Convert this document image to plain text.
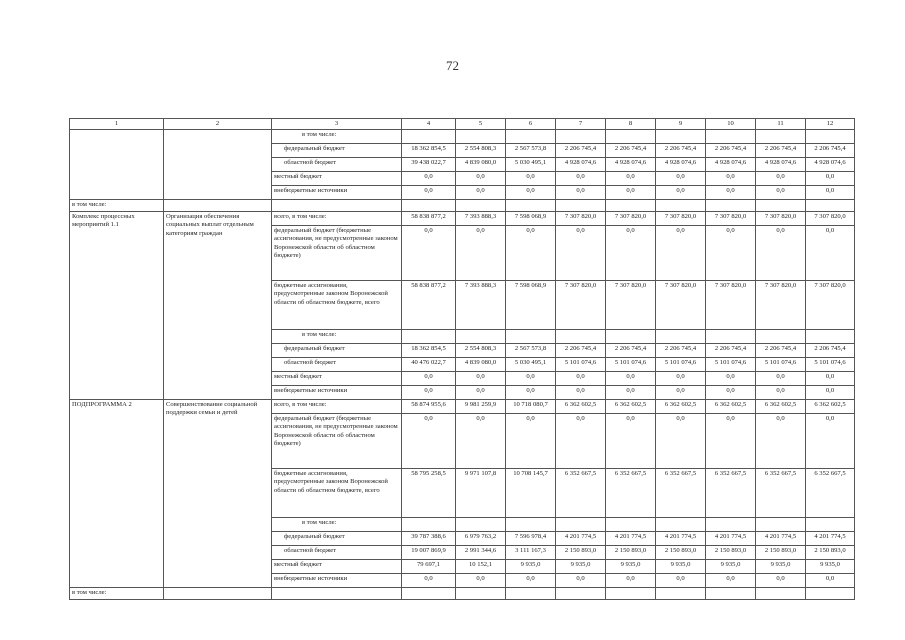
72
1	2	3	4	5	6	7	8	9	10	11	12
		в том числе:									
		федеральный бюджет	18 362 854,5	2 554 808,3	2 567 573,8	2 206 745,4	2 206 745,4	2 206 745,4	2 206 745,4	2 206 745,4	2 206 745,4
		областной бюджет	39 438 022,7	4 839 080,0	5 030 495,1	4 928 074,6	4 928 074,6	4 928 074,6	4 928 074,6	4 928 074,6	4 928 074,6
		местный бюджет	0,0	0,0	0,0	0,0	0,0	0,0	0,0	0,0	0,0
		внебюджетные источники	0,0	0,0	0,0	0,0	0,0	0,0	0,0	0,0	0,0
в том числе:											
Комплекс процессных мероприятий 1.1	Организация обеспечения социальных выплат отдельным категориям граждан	всего, в том числе:	58 838 877,2	7 393 888,3	7 598 068,9	7 307 820,0	7 307 820,0	7 307 820,0	7 307 820,0	7 307 820,0	7 307 820,0
		федеральный бюджет (бюджетные ассигнования, не предусмотренные законом Воронежской области об областном бюджете)	0,0	0,0	0,0	0,0	0,0	0,0	0,0	0,0	0,0
		бюджетные ассигнования, предусмотренные законом Воронежской области об областном бюджете, всего	58 838 877,2	7 393 888,3	7 598 068,9	7 307 820,0	7 307 820,0	7 307 820,0	7 307 820,0	7 307 820,0	7 307 820,0
		в том числе:									
		федеральный бюджет	18 362 854,5	2 554 808,3	2 567 573,8	2 206 745,4	2 206 745,4	2 206 745,4	2 206 745,4	2 206 745,4	2 206 745,4
		областной бюджет	40 476 022,7	4 839 080,0	5 030 495,1	5 101 074,6	5 101 074,6	5 101 074,6	5 101 074,6	5 101 074,6	5 101 074,6
		местный бюджет	0,0	0,0	0,0	0,0	0,0	0,0	0,0	0,0	0,0
		внебюджетные источники	0,0	0,0	0,0	0,0	0,0	0,0	0,0	0,0	0,0
ПОДПРОГРАММА 2	Совершенствование социальной поддержки семьи и детей	всего, в том числе:	58 874 955,6	9 981 259,9	10 718 080,7	6 362 602,5	6 362 602,5	6 362 602,5	6 362 602,5	6 362 602,5	6 362 602,5
		федеральный бюджет (бюджетные ассигнования, не предусмотренные законом Воронежской области об областном бюджете)	0,0	0,0	0,0	0,0	0,0	0,0	0,0	0,0	0,0
		бюджетные ассигнования, предусмотренные законом Воронежской области об областном бюджете, всего	58 795 258,5	9 971 107,8	10 708 145,7	6 352 667,5	6 352 667,5	6 352 667,5	6 352 667,5	6 352 667,5	6 352 667,5
		в том числе:									
		федеральный бюджет	39 787 388,6	6 979 763,2	7 596 978,4	4 201 774,5	4 201 774,5	4 201 774,5	4 201 774,5	4 201 774,5	4 201 774,5
		областной бюджет	19 007 869,9	2 991 344,6	3 111 167,3	2 150 893,0	2 150 893,0	2 150 893,0	2 150 893,0	2 150 893,0	2 150 893,0
		местный бюджет	79 697,1	10 152,1	9 935,0	9 935,0	9 935,0	9 935,0	9 935,0	9 935,0	9 935,0
		внебюджетные источники	0,0	0,0	0,0	0,0	0,0	0,0	0,0	0,0	0,0
в том числе:											
